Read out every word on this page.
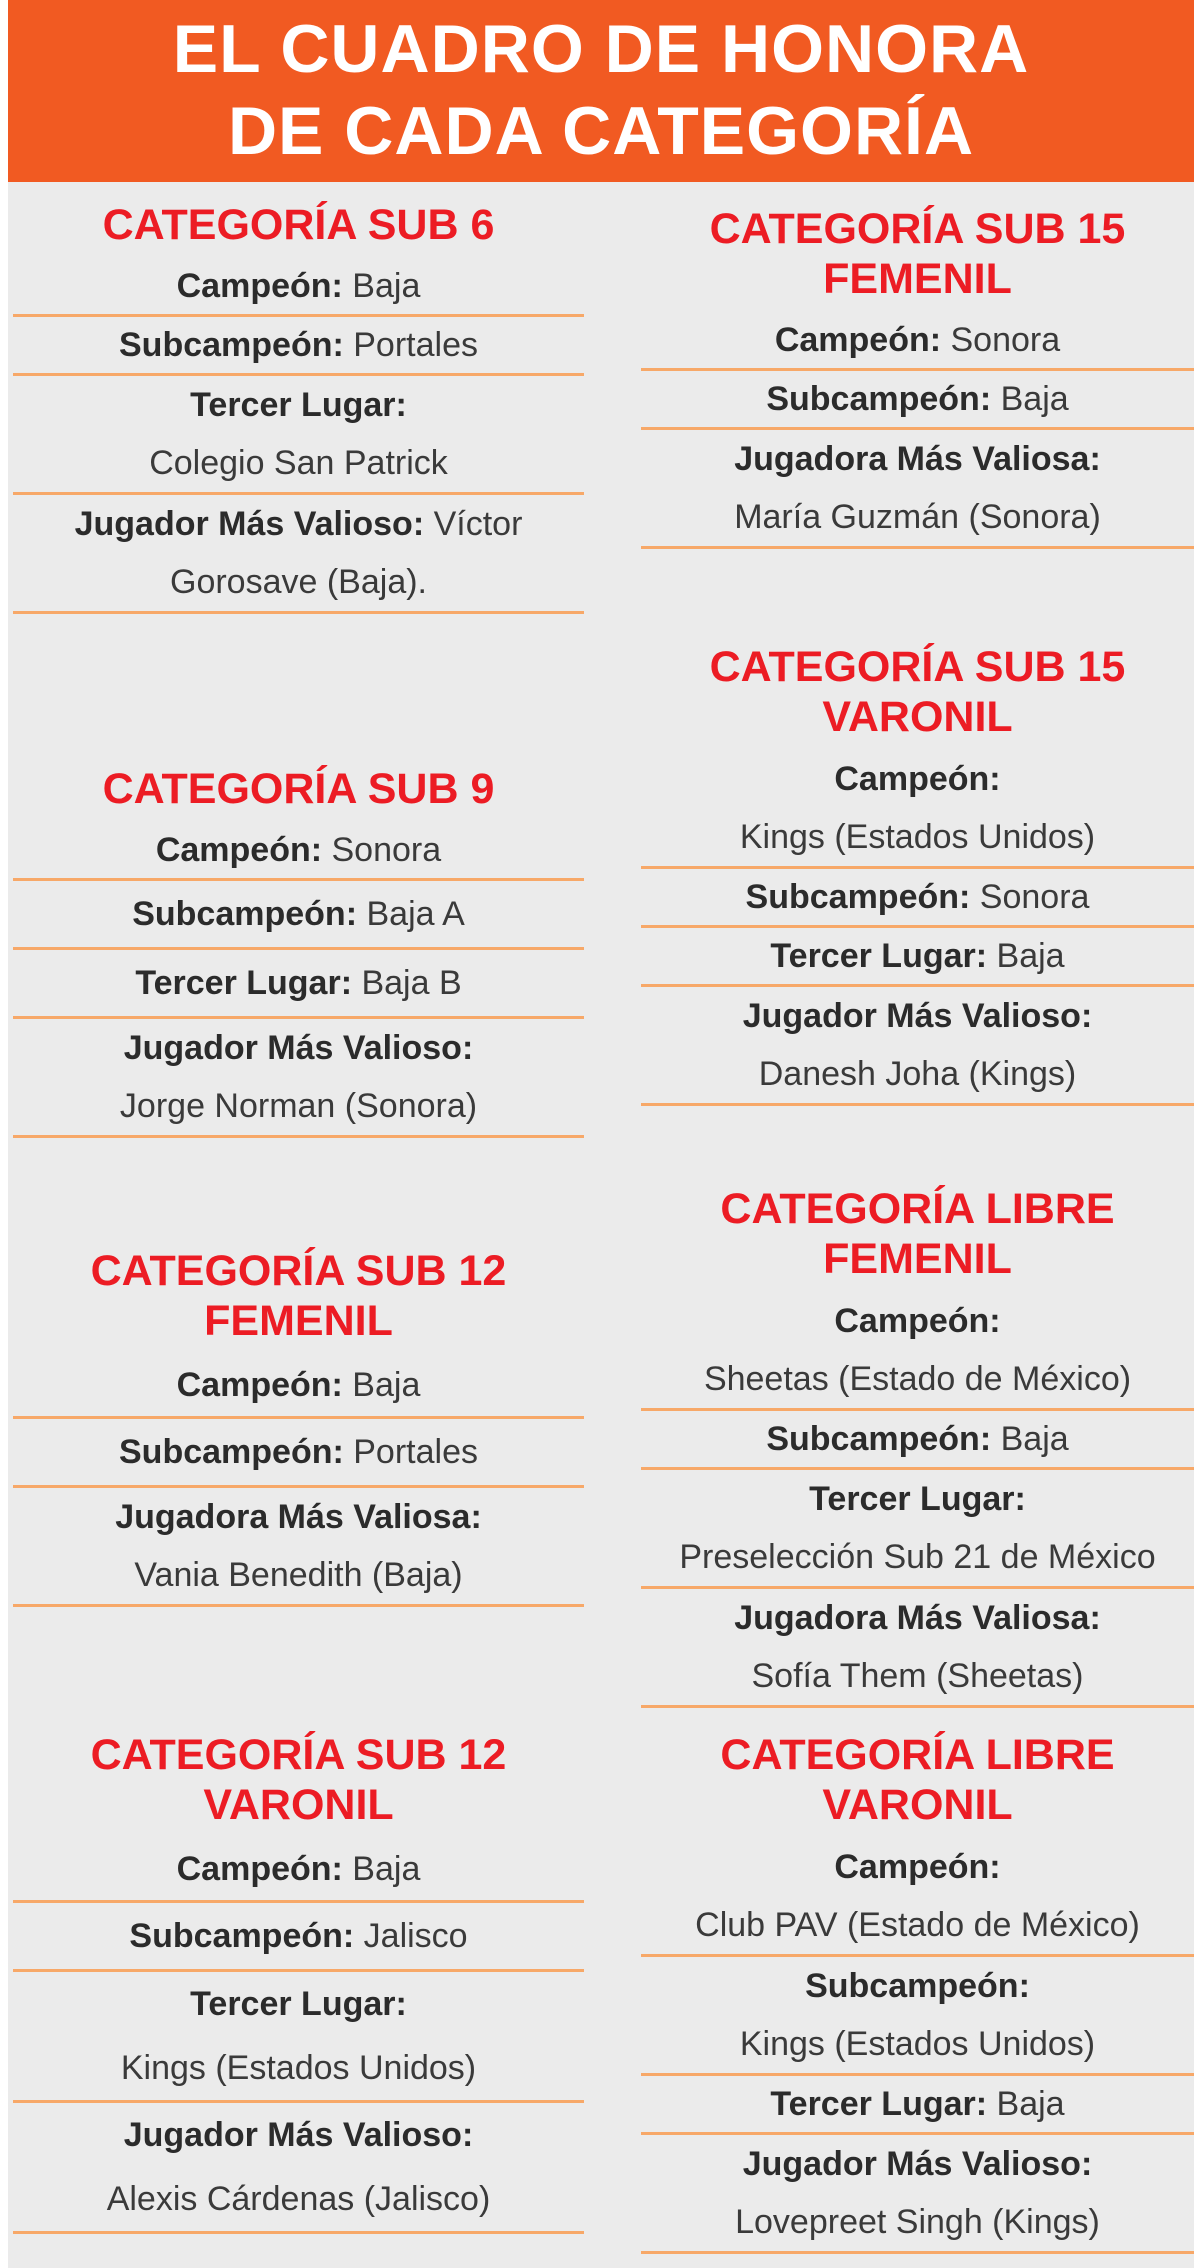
EL CUADRO DE HONORA
DE CADA CATEGORÍA
CATEGORÍA SUB 6
Campeón: Baja
Subcampeón: Portales
Tercer Lugar:
Colegio San Patrick
Jugador Más Valioso: Víctor
Gorosave (Baja).
CATEGORÍA SUB 9
Campeón: Sonora
Subcampeón: Baja A
Tercer Lugar: Baja B
Jugador Más Valioso:
Jorge Norman (Sonora)
CATEGORÍA SUB 12
FEMENIL
Campeón: Baja
Subcampeón: Portales
Jugadora Más Valiosa:
Vania Benedith (Baja)
CATEGORÍA SUB 12
VARONIL
Campeón: Baja
Subcampeón: Jalisco
Tercer Lugar:
Kings (Estados Unidos)
Jugador Más Valioso:
Alexis Cárdenas (Jalisco)
CATEGORÍA SUB 15
FEMENIL
Campeón: Sonora
Subcampeón: Baja
Jugadora Más Valiosa:
María Guzmán (Sonora)
CATEGORÍA SUB 15
VARONIL
Campeón:
Kings (Estados Unidos)
Subcampeón: Sonora
Tercer Lugar: Baja
Jugador Más Valioso:
Danesh Joha (Kings)
CATEGORÍA LIBRE
FEMENIL
Campeón:
Sheetas (Estado de México)
Subcampeón: Baja
Tercer Lugar:
Preselección Sub 21 de México
Jugadora Más Valiosa:
Sofía Them (Sheetas)
CATEGORÍA LIBRE
VARONIL
Campeón:
Club PAV (Estado de México)
Subcampeón:
Kings (Estados Unidos)
Tercer Lugar: Baja
Jugador Más Valioso:
Lovepreet Singh (Kings)
